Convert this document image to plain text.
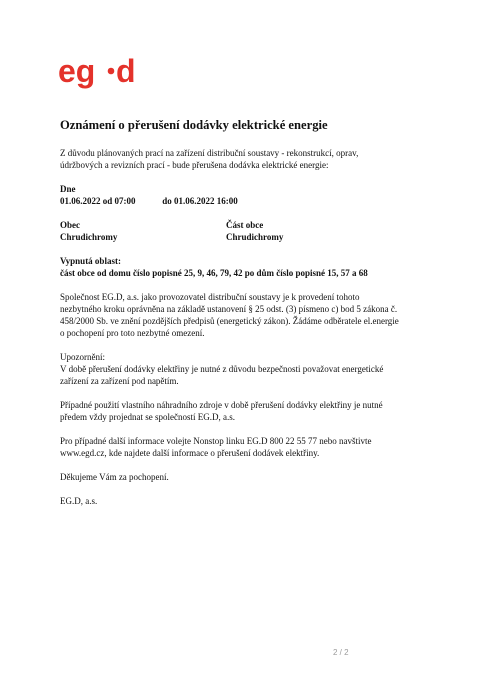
eg d
Oznámení o přerušení dodávky elektrické energie
Z důvodu plánovaných prací na zařízení distribuční soustavy - rekonstrukcí, oprav,
údržbových a revizních prací - bude přerušena dodávka elektrické energie:
Dne
01.06.2022 od 07:00	do 01.06.2022 16:00
Obec
Chrudichromy
Část obce
Chrudichromy
Vypnutá oblast:
část obce od domu číslo popisné 25, 9, 46, 79, 42 po dům číslo popisné 15, 57 a 68
Společnost EG.D, a.s. jako provozovatel distribuční soustavy je k provedení tohoto
nezbytného kroku oprávněna na základě ustanovení § 25 odst. (3) písmeno c) bod 5 zákona č.
458/2000 Sb. ve znění pozdějších předpisů (energetický zákon). Žádáme odběratele el.energie
o pochopení pro toto nezbytné omezení.
Upozornění:
V době přerušení dodávky elektřiny je nutné z důvodu bezpečnosti považovat energetické
zařízení za zařízení pod napětím.
Případné použití vlastního náhradního zdroje v době přerušení dodávky elektřiny je nutné
předem vždy projednat se společností EG.D, a.s.
Pro případné další informace volejte Nonstop linku EG.D 800 22 55 77 nebo navštivte
www.egd.cz, kde najdete další informace o přerušení dodávek elektřiny.
Děkujeme Vám za pochopení.
EG.D, a.s.
2 / 2
